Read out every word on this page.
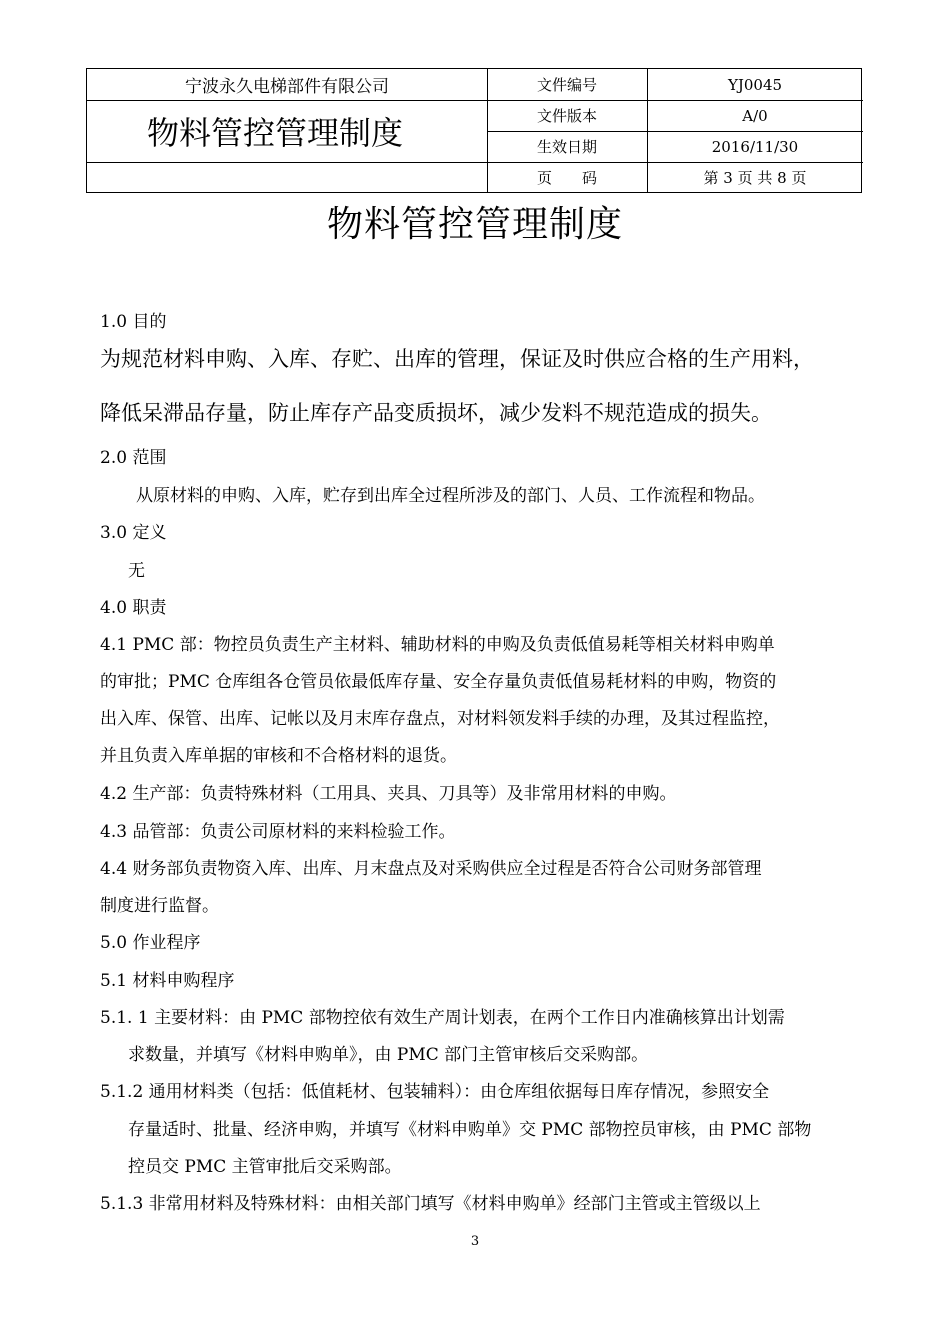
宁波永久电梯部件有限公司
物料管控管理制度
文件编号	YJ0045
文件版本	A/0
生效日期	2016/11/30
页　　码	第 3 页 共 8 页
物料管控管理制度
1.0 目的
为规范材料申购、入库、存贮、出库的管理，保证及时供应合格的生产用料，
降低呆滞品存量，防止库存产品变质损坏，减少发料不规范造成的损失。
2.0 范围
从原材料的申购、入库，贮存到出库全过程所涉及的部门、人员、工作流程和物品。
3.0 定义
无
4.0 职责
4.1 PMC 部：物控员负责生产主材料、辅助材料的申购及负责低值易耗等相关材料申购单
的审批；PMC 仓库组各仓管员依最低库存量、安全存量负责低值易耗材料的申购，物资的
出入库、保管、出库、记帐以及月末库存盘点，对材料领发料手续的办理，及其过程监控，
并且负责入库单据的审核和不合格材料的退货。
4.2 生产部：负责特殊材料（工用具、夹具、刀具等）及非常用材料的申购。
4.3 品管部：负责公司原材料的来料检验工作。
4.4 财务部负责物资入库、出库、月末盘点及对采购供应全过程是否符合公司财务部管理
制度进行监督。
5.0 作业程序
5.1 材料申购程序
5.1. 1 主要材料：由 PMC 部物控依有效生产周计划表，在两个工作日内准确核算出计划需
求数量，并填写《材料申购单》，由 PMC 部门主管审核后交采购部。
5.1.2 通用材料类（包括：低值耗材、包装辅料）：由仓库组依据每日库存情况，参照安全
存量适时、批量、经济申购，并填写《材料申购单》交 PMC 部物控员审核，由 PMC 部物
控员交 PMC 主管审批后交采购部。
5.1.3 非常用材料及特殊材料：由相关部门填写《材料申购单》经部门主管或主管级以上
3
